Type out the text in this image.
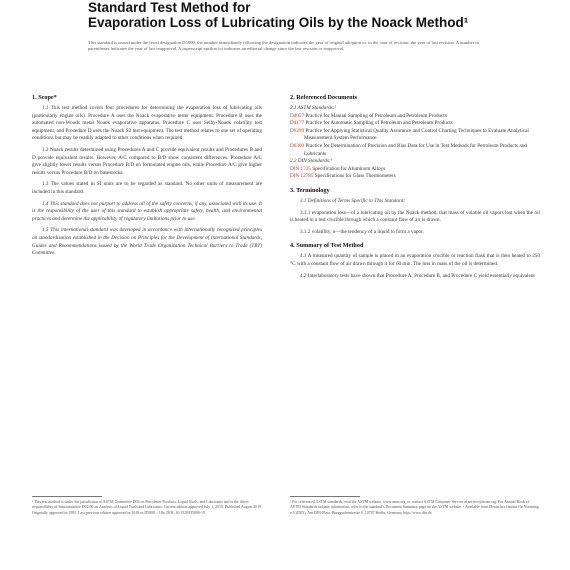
Standard Test Method for
Evaporation Loss of Lubricating Oils by the Noack Method¹
This standard is issued under the fixed designation D5800; the number immediately following the designation indicates the year of original adoption or, in the case of revision, the year of last revision. A number in parentheses indicates the year of last reapproval. A superscript epsilon (ε) indicates an editorial change since the last revision or reapproval.
1. Scope*
1.1 This test method covers four procedures for determining the evaporation loss of lubricating oils (particularly engine oils). Procedure A uses the Noack evaporative tester equipment. Procedure B uses the automated non-Woods metal Noack evaporative apparatus. Procedure C uses Selby-Noack volatility test equipment, and Procedure D uses the Noack S2 test equipment. The test method relates to one set of operating conditions but may be readily adapted to other conditions when required.
1.2 Noack results determined using Procedures A and C provide equivalent results and Procedures B and D provide equivalent results. However, A/C compared to B/D show consistent differences. Procedure A/C give slightly lower results versus Procedure B/D on formulated engine oils, while Procedure A/C give higher results versus Procedure B/D on basestocks.
1.3 The values stated in SI units are to be regarded as standard. No other units of measurement are included in this standard.
1.4 This standard does not purport to address all of the safety concerns, if any, associated with its use. It is the responsibility of the user of this standard to establish appropriate safety, health, and environmental practices and determine the applicability of regulatory limitations prior to use.
1.5 This international standard was developed in accordance with internationally recognized principles on standardization established in the Decision on Principles for the Development of International Standards, Guides and Recommendations issued by the World Trade Organization Technical Barriers to Trade (TBT) Committee.
2. Referenced Documents
2.1 ASTM Standards:²
D4057 Practice for Manual Sampling of Petroleum and Petroleum Products
D4177 Practice for Automatic Sampling of Petroleum and Petroleum Products
D6299 Practice for Applying Statistical Quality Assurance and Control Charting Techniques to Evaluate Analytical Measurement System Performance
D6300 Practice for Determination of Precision and Bias Data for Use in Test Methods for Petroleum Products and Lubricants
2.2 DIN Standards:³
DIN 1725 Specification for Aluminum Alloys
DIN 12785 Specifications for Glass Thermometers
3. Terminology
3.1 Definitions of Terms Specific to This Standard:
3.1.1 evaporation loss—of a lubricating oil by the Noack method, that mass of volatile oil vapors lost when the oil is heated in a test crucible through which a constant flow of air is drawn.
3.1.2 volatility, n—the tendency of a liquid to form a vapor.
4. Summary of Test Method
4.1 A measured quantity of sample is placed in an evaporation crucible or reaction flask that is then heated to 250 °C with a constant flow of air drawn through it for 60 min. The loss in mass of the oil is determined.
4.2 Interlaboratory tests have shown that Procedure A, Procedure B, and Procedure C yield essentially equivalent
¹ This test method is under the jurisdiction of ASTM Committee D02 on Petroleum Products, Liquid Fuels, and Lubricants and is the direct responsibility of Subcommittee D02.06 on Analysis of Liquid Fuels and Lubricants. Current edition approved July 1, 2019. Published August 2019. Originally approved in 1995. Last previous edition approved in 2018 as D5800 – 18a. DOI: 10.1520/D5800-19.
² For referenced ASTM standards, visit the ASTM website, www.astm.org, or contact ASTM Customer Service at service@astm.org. For Annual Book of ASTM Standards volume information, refer to the standard's Document Summary page on the ASTM website. ³ Available from Deutsches Institut für Normung e.V.(DIN), Am DIN-Platz, Burggrafenstrasse 6, 10787 Berlin, Germany, http://www.din.de.
